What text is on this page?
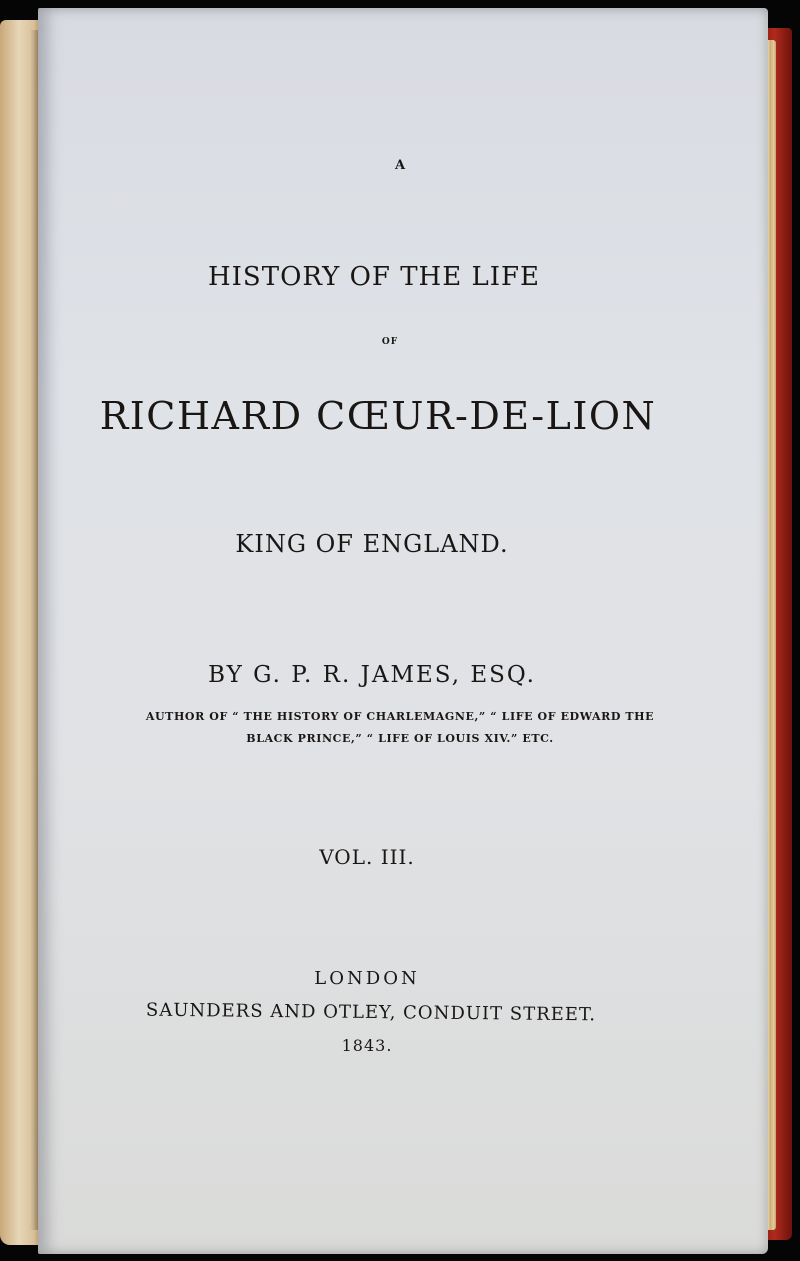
A
HISTORY OF THE LIFE
OF
RICHARD CŒUR-DE-LION
KING OF ENGLAND.
BY G. P. R. JAMES, ESQ.
AUTHOR OF “ THE HISTORY OF CHARLEMAGNE,” “ LIFE OF EDWARD THE
BLACK PRINCE,” “ LIFE OF LOUIS XIV.” ETC.
VOL. III.
LONDON
SAUNDERS AND OTLEY, CONDUIT STREET.
1843.
